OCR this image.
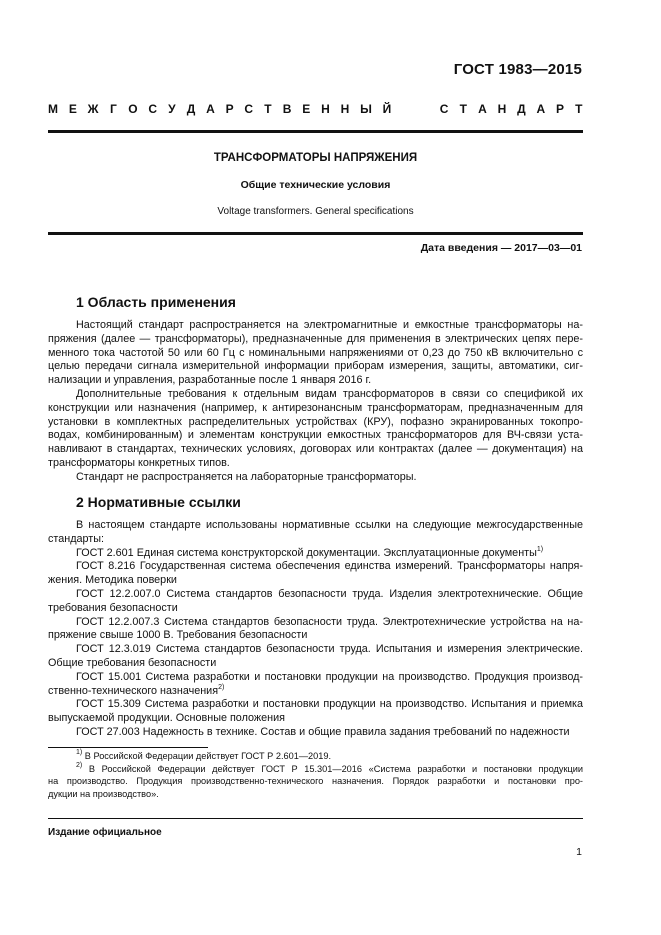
ГОСТ 1983—2015
М Е Ж Г О С У Д А Р С Т В Е Н Н Ы Й	С Т А Н Д А Р Т
ТРАНСФОРМАТОРЫ НАПРЯЖЕНИЯ
Общие технические условия
Voltage transformers. General specifications
Дата введения — 2017—03—01
1 Область применения
Настоящий стандарт распространяется на электромагнитные и емкостные трансформаторы на-
пряжения (далее — трансформаторы), предназначенные для применения в электрических цепях пере-
менного тока частотой 50 или 60 Гц с номинальными напряжениями от 0,23 до 750 кВ включительно с
целью передачи сигнала измерительной информации приборам измерения, защиты, автоматики, сиг-
нализации и управления, разработанные после 1 января 2016 г.
Дополнительные требования к отдельным видам трансформаторов в связи со спецификой их
конструкции или назначения (например, к антирезонансным трансформаторам, предназначенным для
установки в комплектных распределительных устройствах (КРУ), пофазно экранированных токопро-
водах, комбинированным) и элементам конструкции емкостных трансформаторов для ВЧ-связи уста-
навливают в стандартах, технических условиях, договорах или контрактах (далее — документация) на
трансформаторы конкретных типов.
Стандарт не распространяется на лабораторные трансформаторы.
2 Нормативные ссылки
В настоящем стандарте использованы нормативные ссылки на следующие межгосударственные
стандарты:
ГОСТ 2.601 Единая система конструкторской документации. Эксплуатационные документы$^{1)}$
ГОСТ 8.216 Государственная система обеспечения единства измерений. Трансформаторы напря-
жения. Методика поверки
ГОСТ 12.2.007.0 Система стандартов безопасности труда. Изделия электротехнические. Общие
требования безопасности
ГОСТ 12.2.007.3 Система стандартов безопасности труда. Электротехнические устройства на на-
пряжение свыше 1000 В. Требования безопасности
ГОСТ 12.3.019 Система стандартов безопасности труда. Испытания и измерения электрические.
Общие требования безопасности
ГОСТ 15.001 Система разработки и постановки продукции на производство. Продукция производ-
ственно-технического назначения$^{2)}$
ГОСТ 15.309 Система разработки и постановки продукции на производство. Испытания и приемка
выпускаемой продукции. Основные положения
ГОСТ 27.003 Надежность в технике. Состав и общие правила задания требований по надежности
$^{1)}$ В Российской Федерации действует ГОСТ Р 2.601—2019.
$^{2)}$ В Российской Федерации действует ГОСТ Р 15.301—2016 «Система разработки и постановки продукции
на производство. Продукция производственно-технического назначения. Порядок разработки и постановки про-
дукции на производство».
Издание официальное
1
